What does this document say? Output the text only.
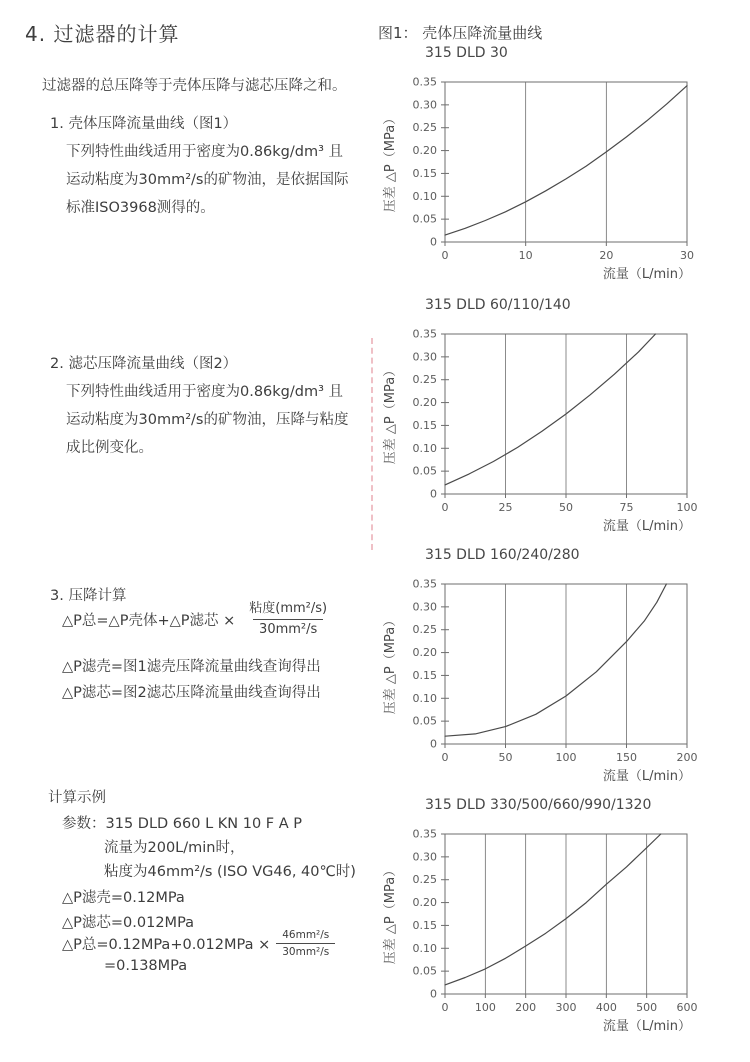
4. 过滤器的计算
过滤器的总压降等于壳体压降与滤芯压降之和。
1. 壳体压降流量曲线（图1）
下列特性曲线适用于密度为0.86kg/dm³ 且
运动粘度为30mm²/s的矿物油，是依据国际
标准ISO3968测得的。
2. 滤芯压降流量曲线（图2）
下列特性曲线适用于密度为0.86kg/dm³ 且
运动粘度为30mm²/s的矿物油，压降与粘度
成比例变化。
3. 压降计算
△P总=△P壳体+△P滤芯 × $\frac{\text{粘度(mm²/s)}}{\text{30mm²/s}}$
△P滤壳=图1滤壳压降流量曲线查询得出
△P滤芯=图2滤芯压降流量曲线查询得出
计算示例
参数：315 DLD 660 L KN 10 F A P
流量为200L/min时，
粘度为46mm²/s (ISO VG46, 40℃时)
△P滤壳=0.12MPa
△P滤芯=0.012MPa
△P总$=0.12MPa+0.012MPa \times \frac{\text{46mm²/s}}{\text{30mm²/s}}$
=0.138MPa
图1： 壳体压降流量曲线
315 DLD 30
0	10	20	30
0
0.05
0.10
0.15
0.20
0.25
0.30
0.35
压差 △P（MPa）
流量（L/min）
315 DLD 60/110/140
0	25	50	75	100
0
0.05
0.10
0.15
0.20
0.25
0.30
0.35
压差 △P（MPa）
流量（L/min）
315 DLD 160/240/280
0	50	100	150	200
0
0.05
0.10
0.15
0.20
0.25
0.30
0.35
压差 △P（MPa）
流量（L/min）
315 DLD 330/500/660/990/1320
0 100 200 300 400 500 600
0
0.05
0.10
0.15
0.20
0.25
0.30
0.35
压差 △P（MPa）
流量（L/min）
